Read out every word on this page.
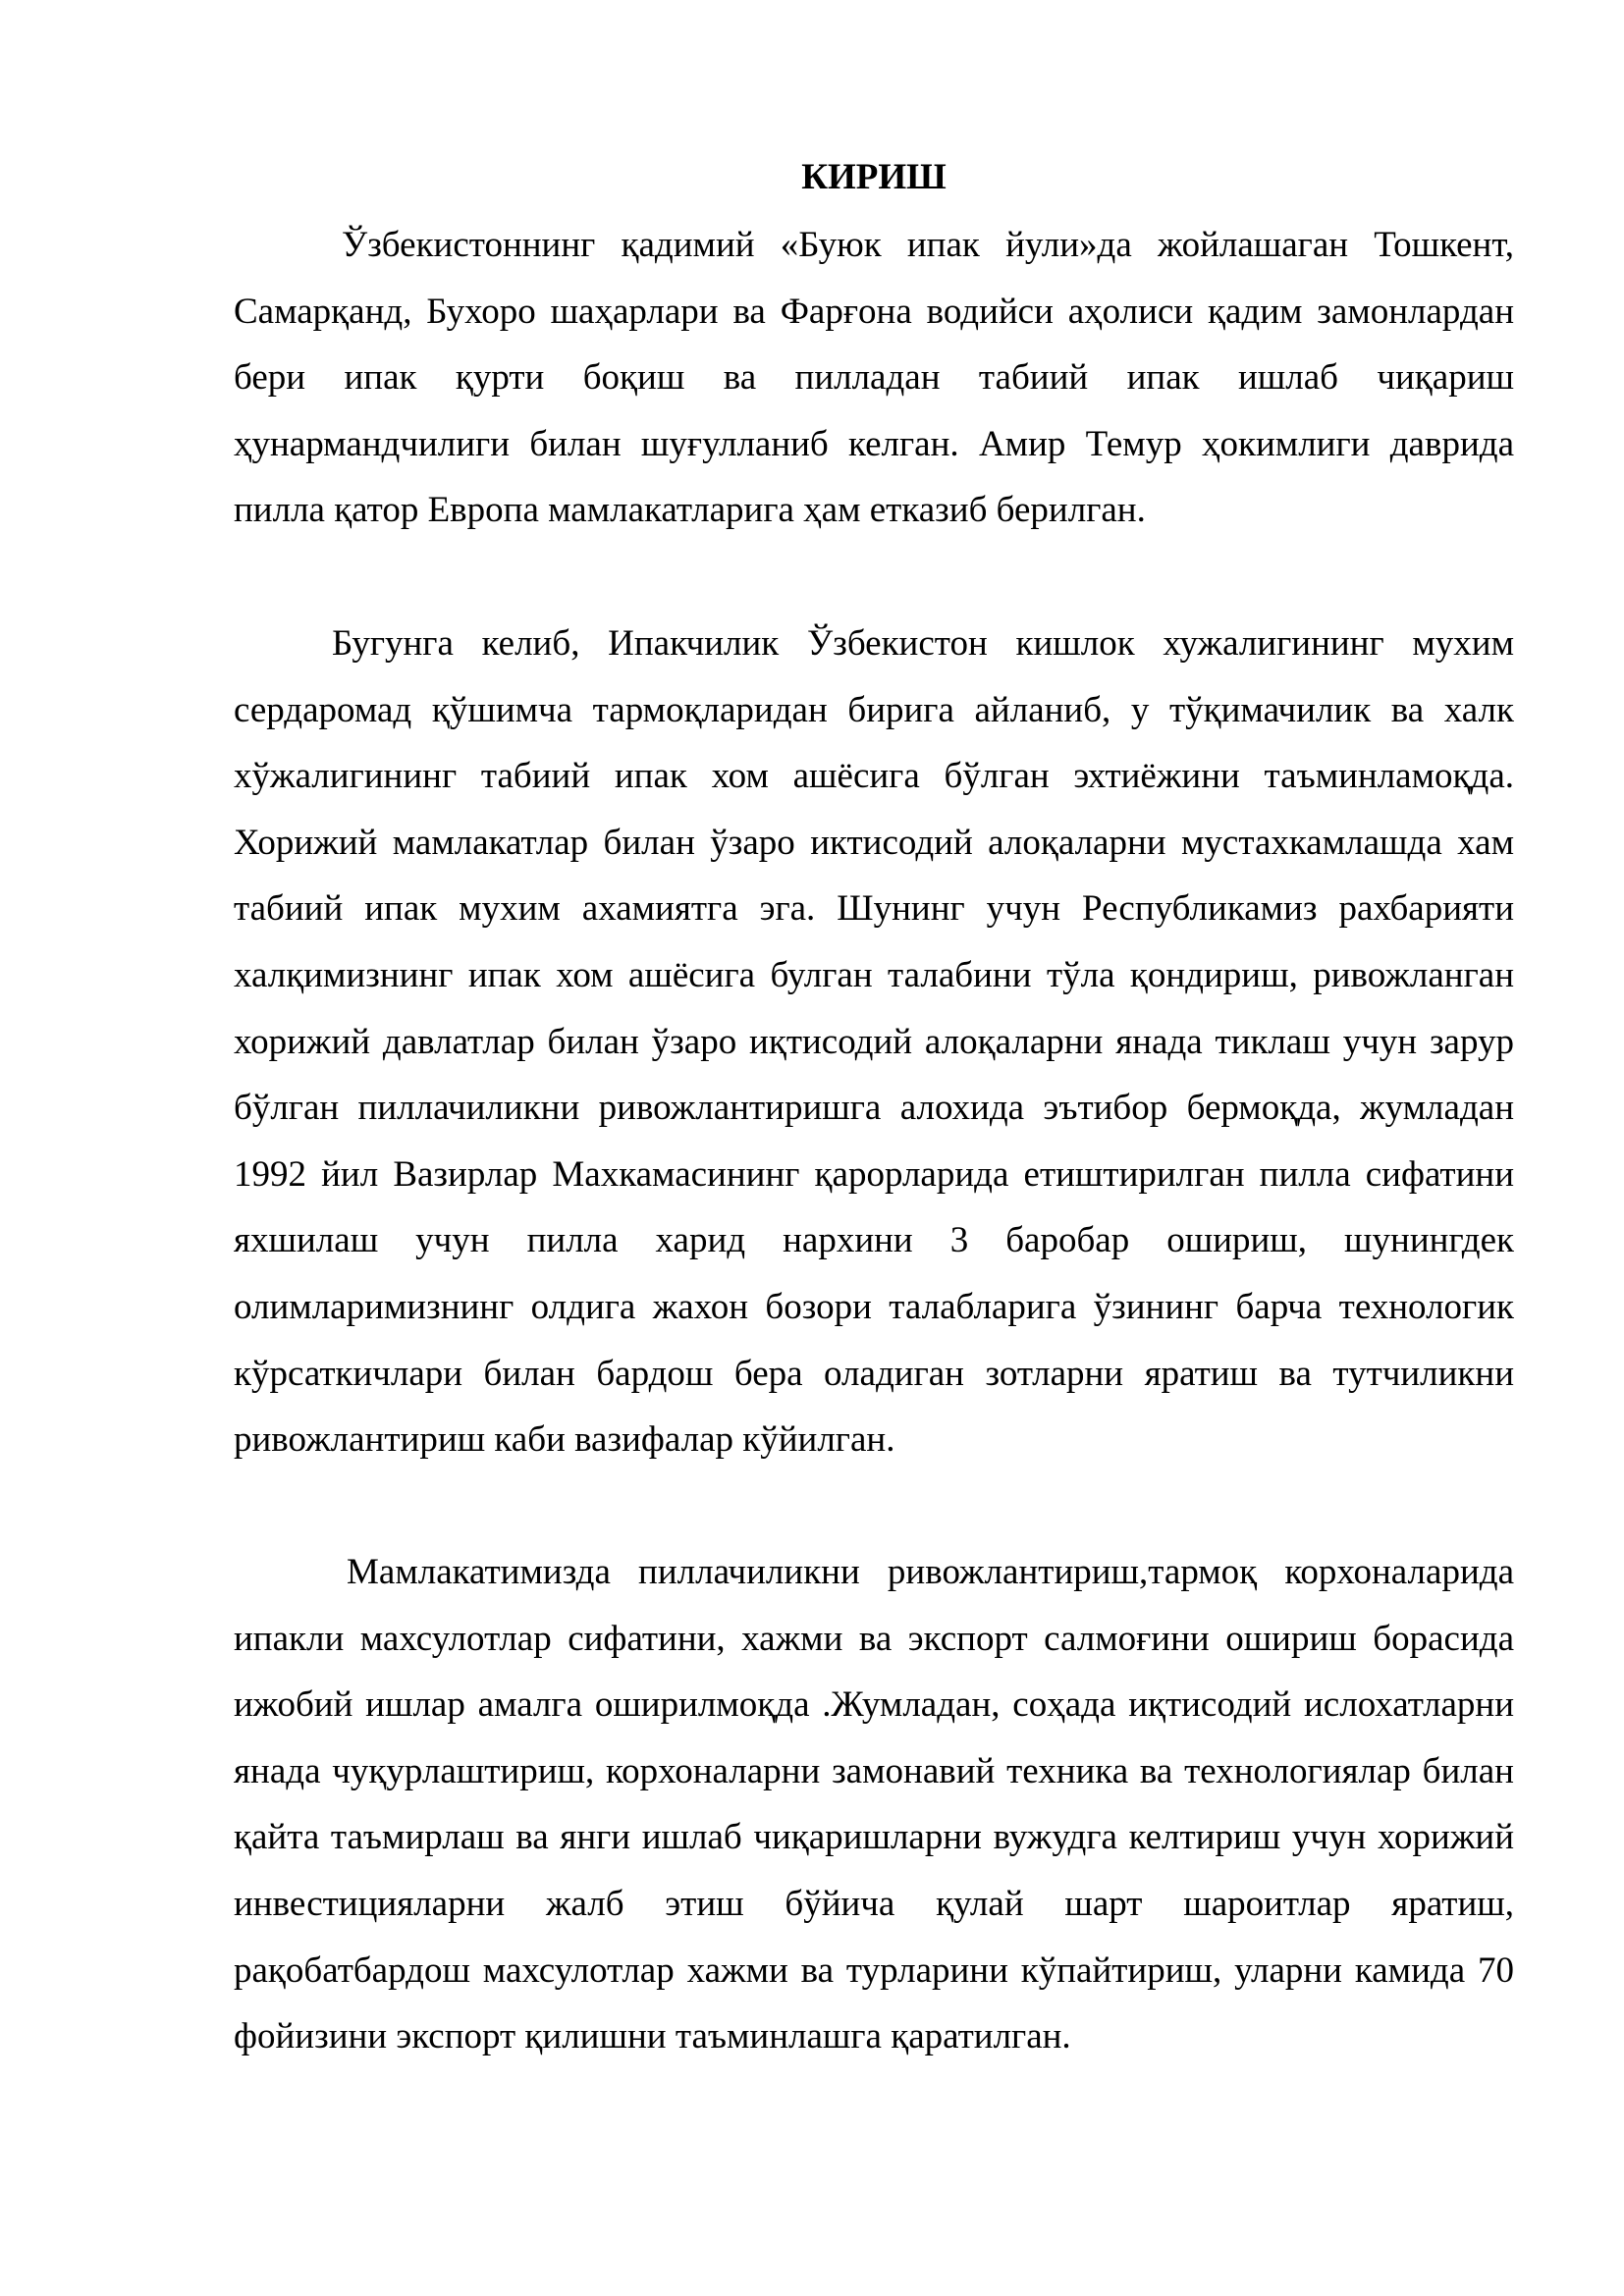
КИРИШ

Ўзбекистоннинг қадимий «Буюк ипак йули»да жойлашаган Тошкент, Самарқанд, Бухоро шаҳарлари ва Фарғона водийси аҳолиси қадим замонлардан бери ипак қурти боқиш ва пилладан табиий ипак ишлаб чиқариш ҳунармандчилиги билан шуғулланиб келган. Амир Темур ҳокимлиги даврида пилла қатор Европа мамлакатларига ҳам етказиб берилган.

Бугунга келиб, Ипакчилик Ўзбекистон кишлок хужалигининг мухим сердаромад қўшимча тармоқларидан бирига айланиб, у тўқимачилик ва халк хўжалигининг табиий ипак хом ашёсига бўлган эхтиёжини таъминламоқда. Хорижий мамлакатлар билан ўзаро иктисодий алоқаларни мустахкамлашда хам табиий ипак мухим ахамиятга эга. Шунинг учун Республикамиз рахбарияти халқимизнинг ипак хом ашёсига булган талабини тўла қондириш, ривожланган хорижий давлатлар билан ўзаро иқтисодий алоқаларни янада тиклаш учун зарур бўлган пиллачиликни ривожлантиришга алохида эътибор бермоқда, жумладан 1992 йил Вазирлар Махкамасининг қарорларида етиштирилган пилла сифатини яхшилаш учун пилла харид нархини 3 баробар ошириш, шунингдек олимларимизнинг олдига жахон бозори талабларига ўзининг барча технологик кўрсаткичлари билан бардош бера оладиган зотларни яратиш ва тутчиликни ривожлантириш каби вазифалар кўйилган.

Мамлакатимизда пиллачиликни ривожлантириш,тармоқ корхоналарида ипакли махсулотлар сифатини, хажми ва экспорт салмоғини ошириш борасида ижобий ишлар амалга оширилмоқда .Жумладан, соҳада иқтисодий ислохатларни янада чуқурлаштириш, корхоналарни замонавий техника ва технологиялар билан қайта таъмирлаш ва янги ишлаб чиқаришларни вужудга келтириш учун хорижий инвестицияларни жалб этиш бўйича қулай шарт шароитлар яратиш, рақобатбардош махсулотлар хажми ва турларини кўпайтириш, уларни камида 70 фойизини экспорт қилишни таъминлашга қаратилган.
